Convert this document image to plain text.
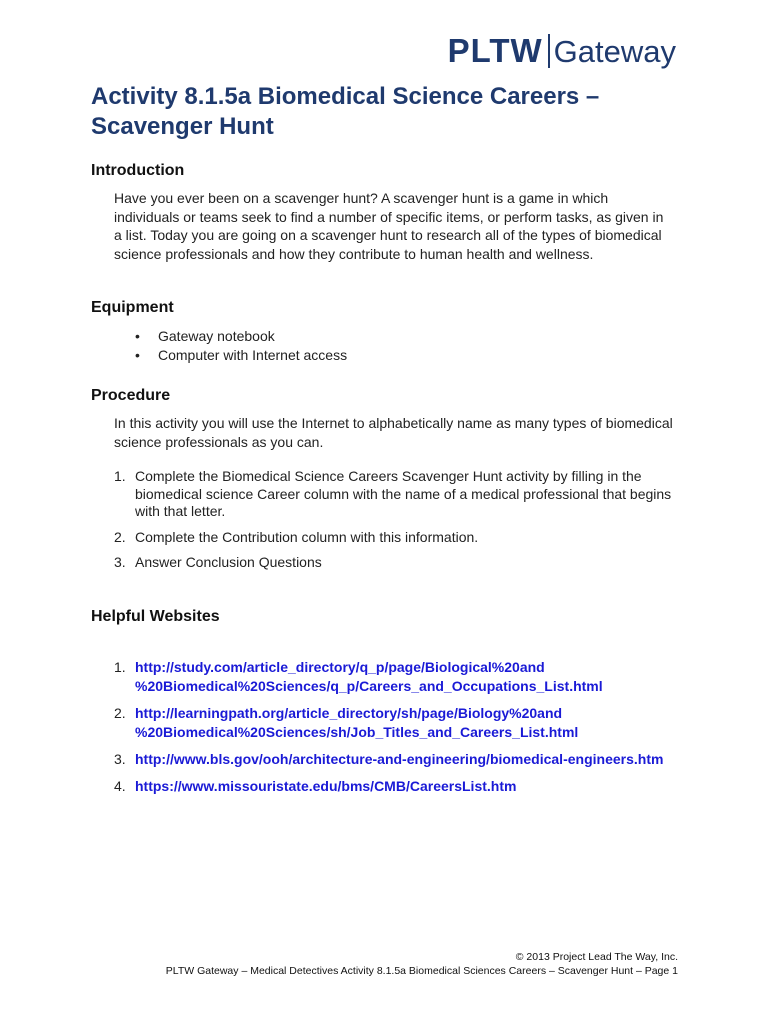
PLTW Gateway
Activity 8.1.5a Biomedical Science Careers – Scavenger Hunt
Introduction

Have you ever been on a scavenger hunt? A scavenger hunt is a game in which individuals or teams seek to find a number of specific items, or perform tasks, as given in a list. Today you are going on a scavenger hunt to research all of the types of biomedical science professionals and how they contribute to human health and wellness.

Equipment
• Gateway notebook
• Computer with Internet access
Procedure

In this activity you will use the Internet to alphabetically name as many types of biomedical science professionals as you can.

1. Complete the Biomedical Science Careers Scavenger Hunt activity by filling in the biomedical science Career column with the name of a medical professional that begins with that letter.
2. Complete the Contribution column with this information.
3. Answer Conclusion Questions
Helpful Websites
1. http://study.com/article_directory/q_p/page/Biological%20and %20Biomedical%20Sciences/q_p/Careers_and_Occupations_List.html
2. http://learningpath.org/article_directory/sh/page/Biology%20and %20Biomedical%20Sciences/sh/Job_Titles_and_Careers_List.html
3. http://www.bls.gov/ooh/architecture-and-engineering/biomedical-engineers.htm
4. https://www.missouristate.edu/bms/CMB/CareersList.htm
© 2013 Project Lead The Way, Inc.
PLTW Gateway – Medical Detectives Activity 8.1.5a Biomedical Sciences Careers – Scavenger Hunt – Page 1
